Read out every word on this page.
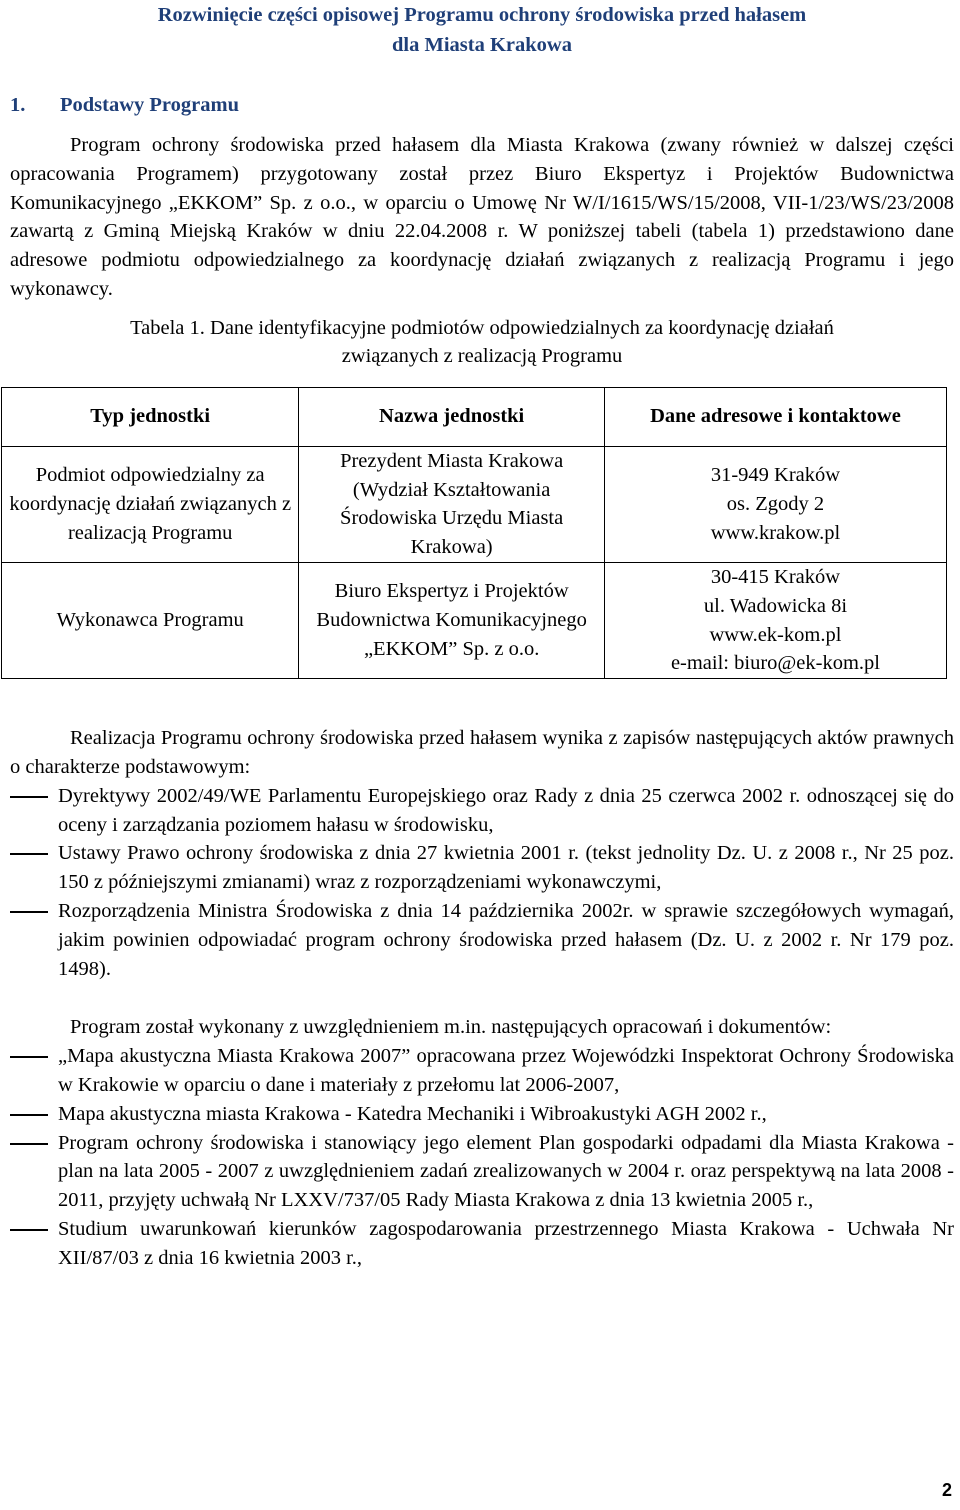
Rozwinięcie części opisowej Programu ochrony środowiska przed hałasem
dla Miasta Krakowa
1. Podstawy Programu

Program ochrony środowiska przed hałasem dla Miasta Krakowa (zwany również w dalszej części opracowania Programem) przygotowany został przez Biuro Ekspertyz i Projektów Budownictwa Komunikacyjnego „EKKOM” Sp. z o.o., w oparciu o Umowę Nr W/I/1615/WS/15/2008, VII-1/23/WS/23/2008 zawartą z Gminą Miejską Kraków w dniu 22.04.2008 r. W poniższej tabeli (tabela 1) przedstawiono dane adresowe podmiotu odpowiedzialnego za koordynację działań związanych z realizacją Programu i jego wykonawcy.

Tabela 1. Dane identyfikacyjne podmiotów odpowiedzialnych za koordynację działań
związanych z realizacją Programu
Typ jednostki	Nazwa jednostki	Dane adresowe i kontaktowe
Podmiot odpowiedzialny za koordynację działań związanych z realizacją Programu	Prezydent Miasta Krakowa (Wydział Kształtowania Środowiska Urzędu Miasta Krakowa)	31-949 Kraków
os. Zgody 2
www.krakow.pl

Wykonawca Programu	Biuro Ekspertyz i Projektów Budownictwa Komunikacyjnego „EKKOM” Sp. z o.o.	30-415 Kraków
ul. Wadowicka 8i
www.ek-kom.pl
e-mail: biuro@ek-kom.pl

Realizacja Programu ochrony środowiska przed hałasem wynika z zapisów następujących aktów prawnych o charakterze podstawowym:

Dyrektywy 2002/49/WE Parlamentu Europejskiego oraz Rady z dnia 25 czerwca 2002 r. odnoszącej się do oceny i zarządzania poziomem hałasu w środowisku,
Ustawy Prawo ochrony środowiska z dnia 27 kwietnia 2001 r. (tekst jednolity Dz. U. z 2008 r., Nr 25 poz. 150 z późniejszymi zmianami) wraz z rozporządzeniami wykonawczymi,
Rozporządzenia Ministra Środowiska z dnia 14 października 2002r. w sprawie szczegółowych wymagań, jakim powinien odpowiadać program ochrony środowiska przed hałasem (Dz. U. z 2002 r. Nr 179 poz. 1498).

Program został wykonany z uwzględnieniem m.in. następujących opracowań i dokumentów:

„Mapa akustyczna Miasta Krakowa 2007” opracowana przez Wojewódzki Inspektorat Ochrony Środowiska w Krakowie w oparciu o dane i materiały z przełomu lat 2006-2007,
Mapa akustyczna miasta Krakowa - Katedra Mechaniki i Wibroakustyki AGH 2002 r.,
Program ochrony środowiska i stanowiący jego element Plan gospodarki odpadami dla Miasta Krakowa - plan na lata 2005 - 2007 z uwzględnieniem zadań zrealizowanych w 2004 r. oraz perspektywą na lata 2008 - 2011, przyjęty uchwałą Nr LXXV/737/05 Rady Miasta Krakowa z dnia 13 kwietnia 2005 r.,
Studium uwarunkowań kierunków zagospodarowania przestrzennego Miasta Krakowa - Uchwała Nr XII/87/03 z dnia 16 kwietnia 2003 r.,
2
